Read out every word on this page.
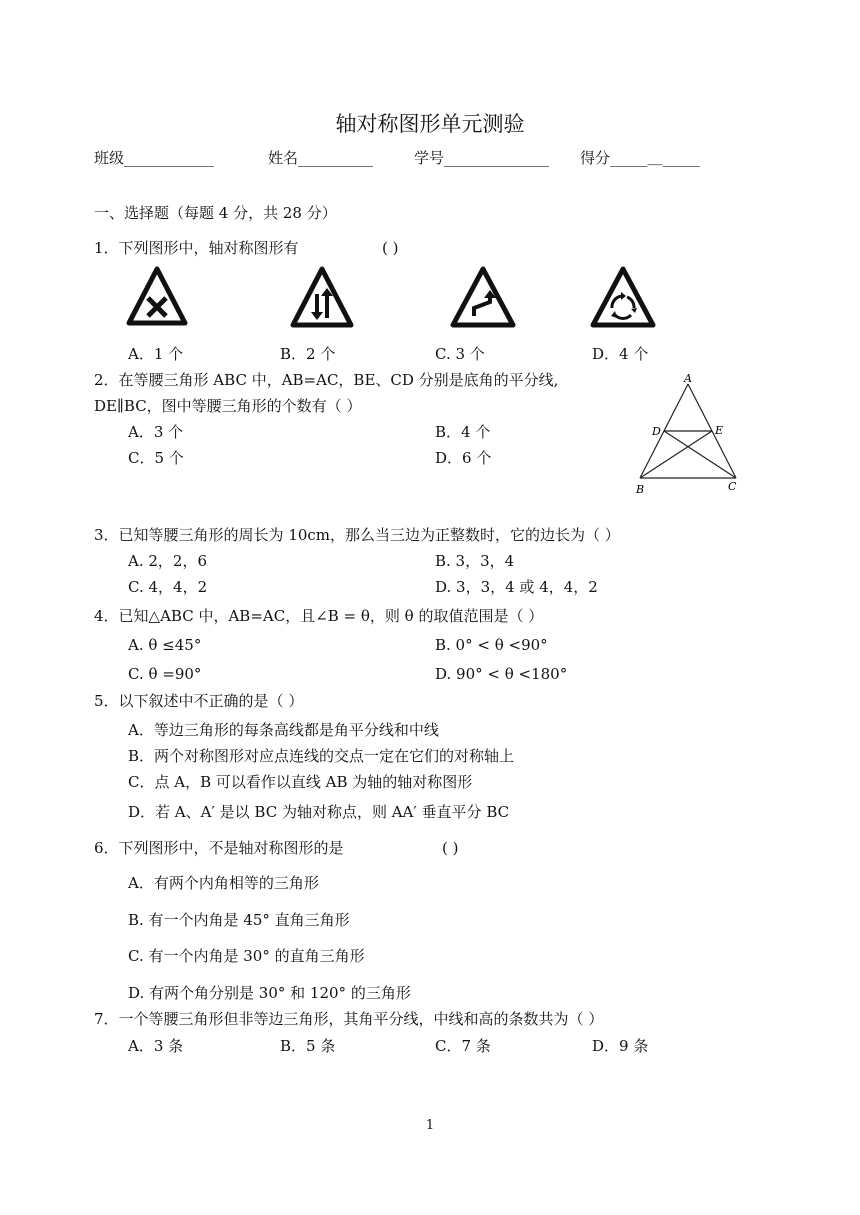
轴对称图形单元测验
班级____________	姓名__________	学号______________ 得分_____＿_____
一、选择题（每题 4 分，共 28 分）
1．下列图形中，轴对称图形有	( )
A．1 个	B．2 个	C. 3 个	D．4 个
2．在等腰三角形 ABC 中，AB=AC，BE、CD 分别是底角的平分线,
DE∥BC，图中等腰三角形的个数有（ ）
A．3 个	B．4 个
C．5 个	D．6 个
A
D	E
B	C
3．已知等腰三角形的周长为 10cm，那么当三边为正整数时，它的边长为（ ）
A. 2，2，6	B. 3，3，4
C. 4，4，2	D. 3，3，4 或 4，4，2
4．已知△ABC 中，AB=AC，且∠B = θ，则 θ 的取值范围是（ ）
A. θ ≤45°	B. 0° < θ <90°
C. θ =90°	D. 90° < θ <180°
5．以下叙述中不正确的是（ ）
A．等边三角形的每条高线都是角平分线和中线
B．两个对称图形对应点连线的交点一定在它们的对称轴上
C．点 A，B 可以看作以直线 AB 为轴的轴对称图形
D．若 A、A′ 是以 BC 为轴对称点，则 AA′ 垂直平分 BC
6．下列图形中，不是轴对称图形的是	( )
A．有两个内角相等的三角形
B. 有一个内角是 45° 直角三角形
C. 有一个内角是 30° 的直角三角形
D. 有两个角分别是 30° 和 120° 的三角形
7．一个等腰三角形但非等边三角形，其角平分线，中线和高的条数共为（ ）
A．3 条	B．5 条	C．7 条	D．9 条
1
